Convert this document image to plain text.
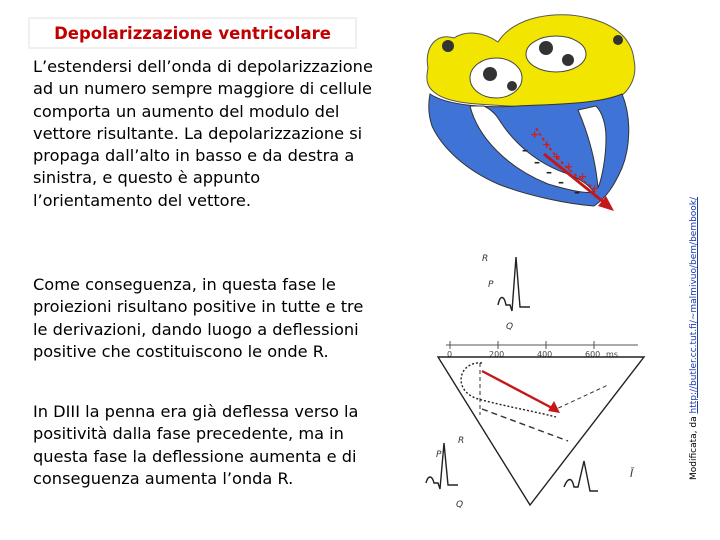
Depolarizzazione ventricolare

L’estendersi dell’onda di depolarizzazione ad un numero sempre maggiore di cellule comporta un aumento del modulo del vettore risultante. La depolarizzazione si propaga dall’alto in basso e da destra a sinistra, e questo è appunto l’orientamento del vettore.

Come conseguenza, in questa fase le proiezioni risultano positive in tutte e tre le derivazioni, dando luogo a deflessioni positive che costituiscono le onde R.

In DIII la penna era già deflessa verso la positività dalla fase precedente, ma in questa fase la deflessione aumenta e di conseguenza aumenta l’onda R.

+
+
+
+
+
+
–
–
–
–
–
R
P
Q
0	200	400	600 ms
R
P
Q
Ī	Modificata, da http://butler.cc.tut.fi/~malmivuo/bem/bembook/
